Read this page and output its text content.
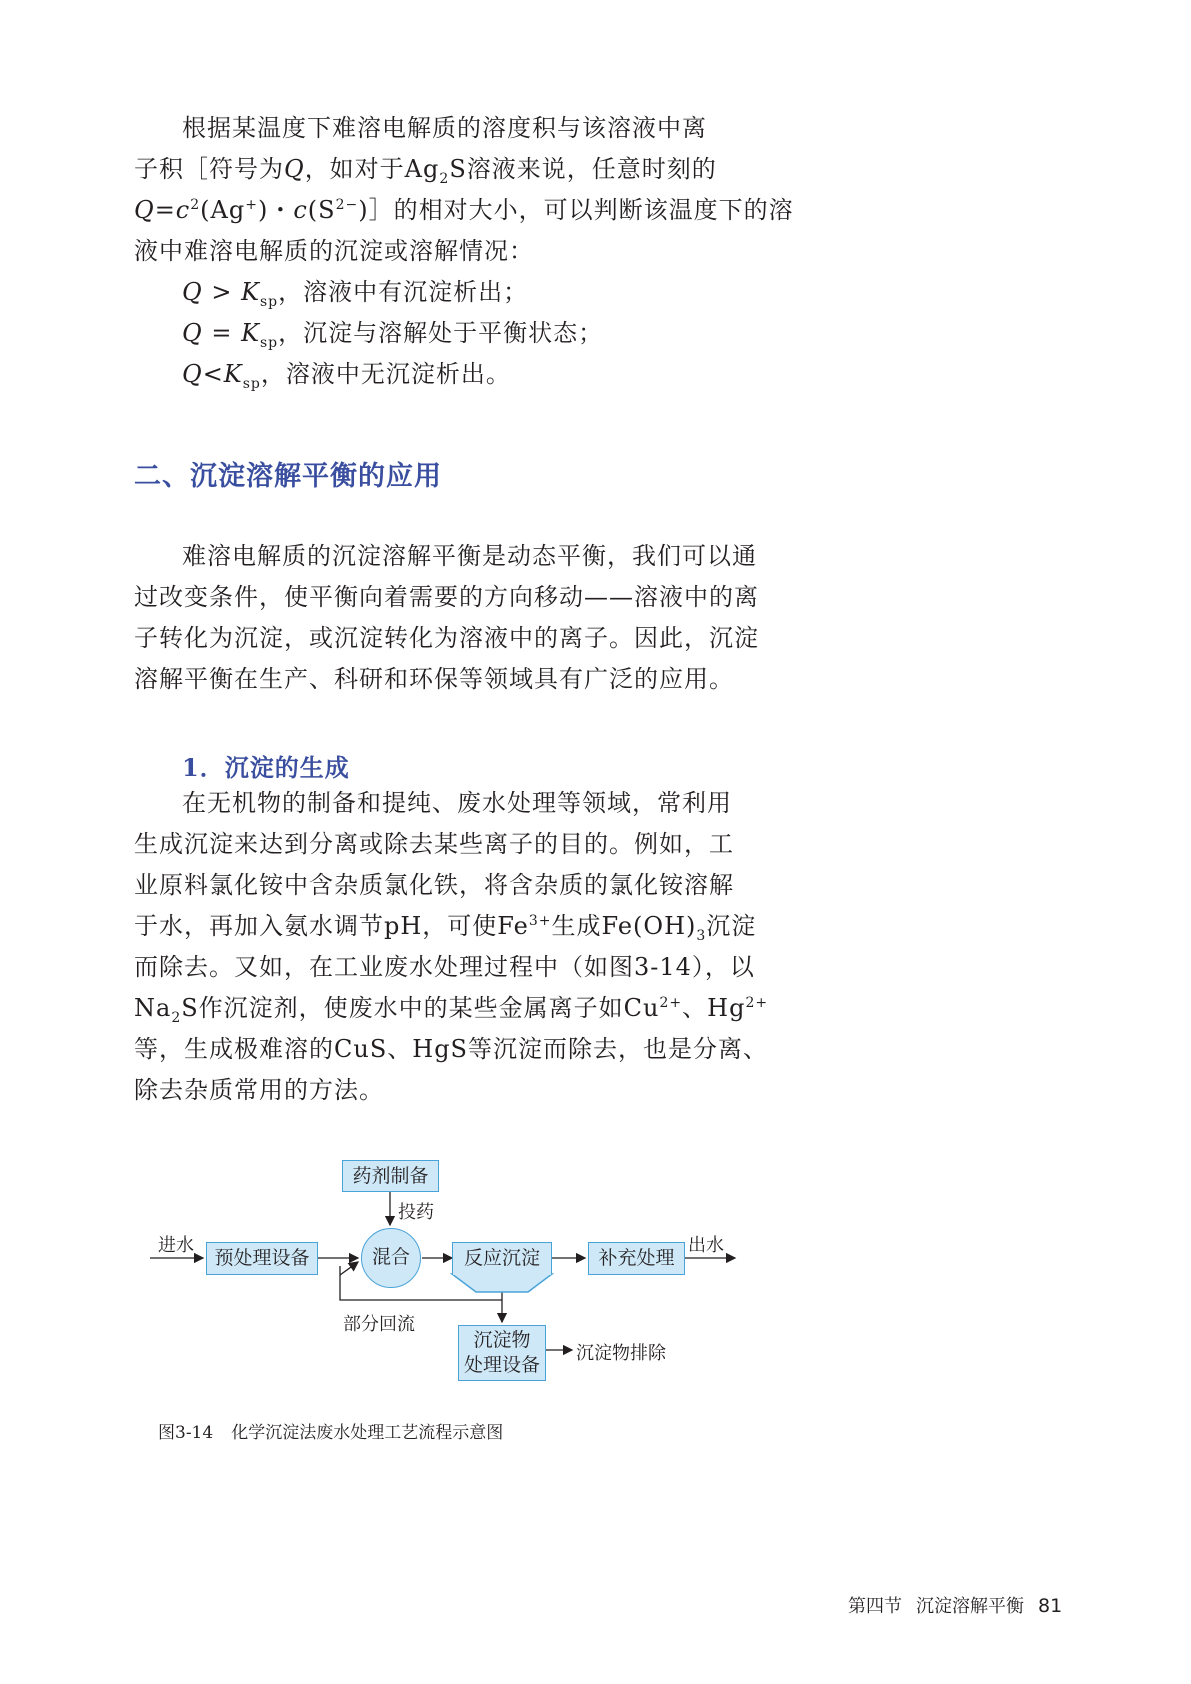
根据某温度下难溶电解质的溶度积与该溶液中离
子积［符号为Q，如对于$Ag_2S$溶液来说，任意时刻的
$Q=c^2(Ag^+)$・$c(S^{2-})]$的相对大小，可以判断该温度下的溶
液中难溶电解质的沉淀或溶解情况：
$Q > K_{sp}$，溶液中有沉淀析出；
$Q = K_{sp}$，沉淀与溶解处于平衡状态；
$Q<K_{sp}$，溶液中无沉淀析出。
二、沉淀溶解平衡的应用
难溶电解质的沉淀溶解平衡是动态平衡，我们可以通
过改变条件，使平衡向着需要的方向移动——溶液中的离
子转化为沉淀，或沉淀转化为溶液中的离子。因此，沉淀
溶解平衡在生产、科研和环保等领域具有广泛的应用。
1．沉淀的生成
在无机物的制备和提纯、废水处理等领域，常利用
生成沉淀来达到分离或除去某些离子的目的。例如，工
业原料氯化铵中含杂质氯化铁，将含杂质的氯化铵溶解
于水，再加入氨水调节pH，可使$Fe^{3+}$生成$Fe(OH)_3$沉淀
而除去。又如，在工业废水处理过程中（如图3-14），以
$Na_2S$作沉淀剂，使废水中的某些金属离子如$Cu^{2+}$、$Hg^{2+}$
等，生成极难溶的CuS、HgS等沉淀而除去，也是分离、
除去杂质常用的方法。
药剂制备
投药
进水
预处理设备	混合	反应沉淀	补充处理
出水
部分回流
沉淀物
处理设备
沉淀物排除

图3-14 化学沉淀法废水处理工艺流程示意图

第四节 沉淀溶解平衡 81
